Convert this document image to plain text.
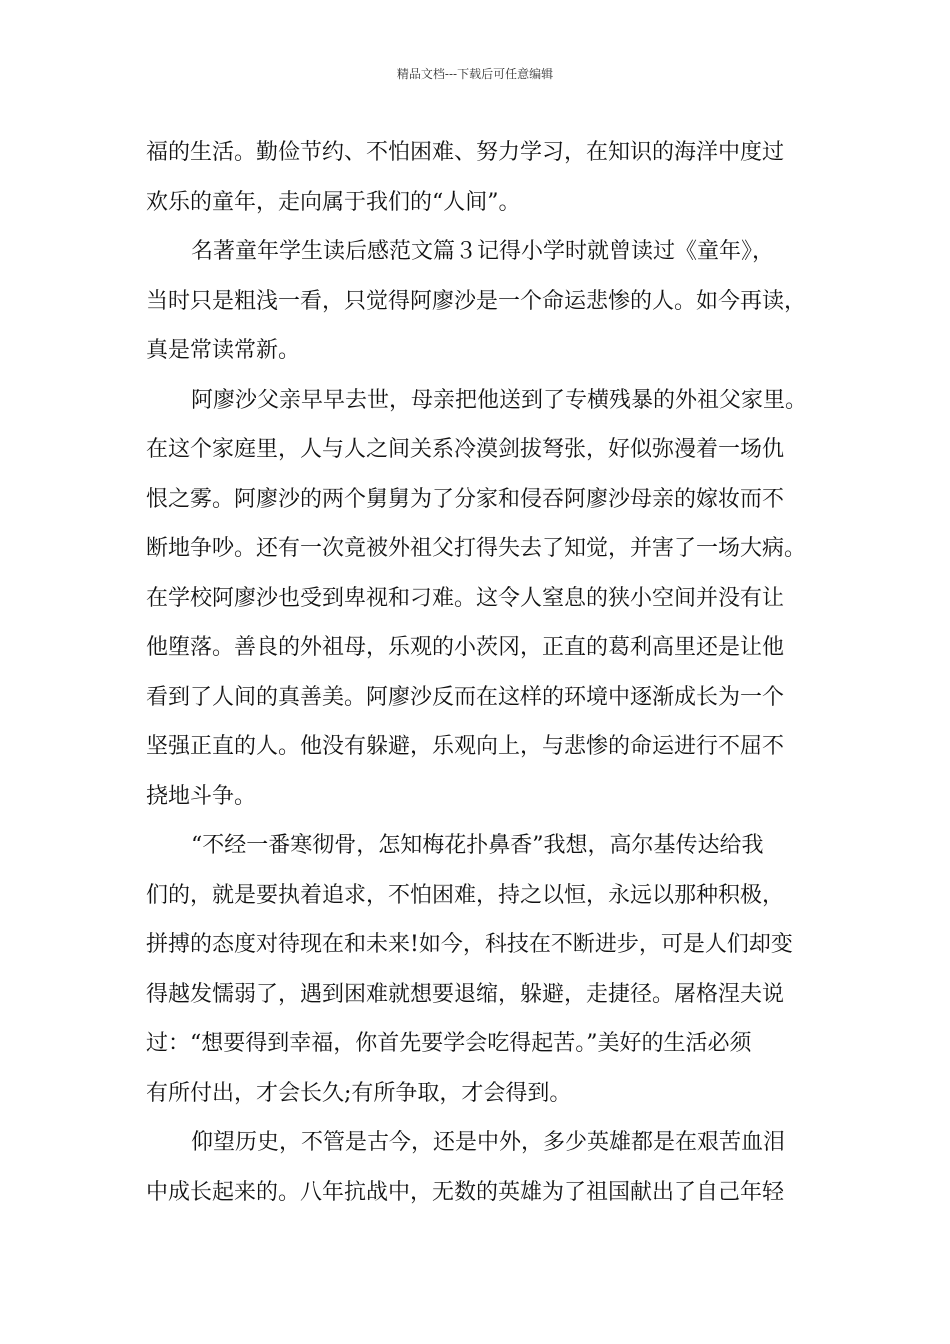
精品文档---下载后可任意编辑
福的生活。勤俭节约、不怕困难、努力学习，在知识的海洋中度过
欢乐的童年，走向属于我们的“人间”。
名著童年学生读后感范文篇３记得小学时就曾读过《童年》，
当时只是粗浅一看，只觉得阿廖沙是一个命运悲惨的人。如今再读，
真是常读常新。
阿廖沙父亲早早去世，母亲把他送到了专横残暴的外祖父家里。
在这个家庭里，人与人之间关系冷漠剑拔弩张，好似弥漫着一场仇
恨之雾。阿廖沙的两个舅舅为了分家和侵吞阿廖沙母亲的嫁妆而不
断地争吵。还有一次竟被外祖父打得失去了知觉，并害了一场大病。
在学校阿廖沙也受到卑视和刁难。这令人窒息的狭小空间并没有让
他堕落。善良的外祖母，乐观的小茨冈，正直的葛利高里还是让他
看到了人间的真善美。阿廖沙反而在这样的环境中逐渐成长为一个
坚强正直的人。他没有躲避，乐观向上，与悲惨的命运进行不屈不
挠地斗争。
“不经一番寒彻骨，怎知梅花扑鼻香”我想，高尔基传达给我
们的，就是要执着追求，不怕困难，持之以恒，永远以那种积极，
拼搏的态度对待现在和未来!如今，科技在不断进步，可是人们却变
得越发懦弱了，遇到困难就想要退缩，躲避，走捷径。屠格涅夫说
过：“想要得到幸福，你首先要学会吃得起苦。”美好的生活必须
有所付出，才会长久;有所争取，才会得到。
仰望历史，不管是古今，还是中外，多少英雄都是在艰苦血泪
中成长起来的。八年抗战中，无数的英雄为了祖国献出了自己年轻
